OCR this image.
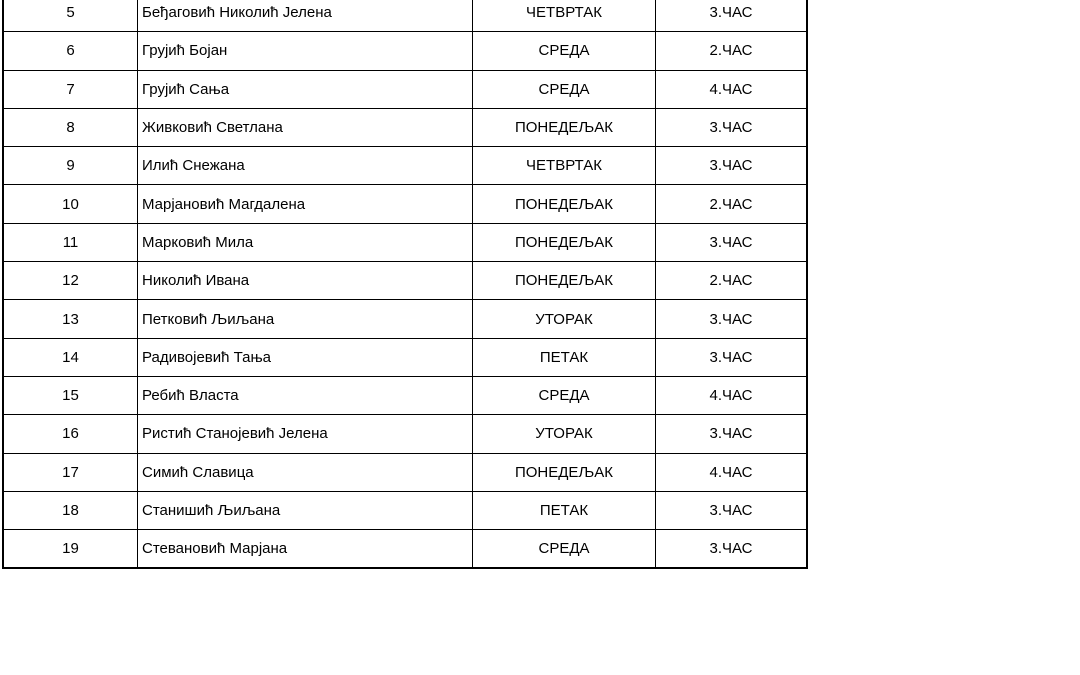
5	Беђаговић Николић Јелена	ЧЕТВРТАК	3.ЧАС
6	Грујић Бојан	СРЕДА	2.ЧАС
7	Грујић Сања	СРЕДА	4.ЧАС
8	Живковић Светлана	ПОНЕДЕЉАК	3.ЧАС
9	Илић Снежана	ЧЕТВРТАК	3.ЧАС
10	Марјановић Магдалена	ПОНЕДЕЉАК	2.ЧАС
11	Марковић Мила	ПОНЕДЕЉАК	3.ЧАС
12	Николић Ивана	ПОНЕДЕЉАК	2.ЧАС
13	Петковић Љиљана	УТОРАК	3.ЧАС
14	Радивојевић Тања	ПЕТАК	3.ЧАС
15	Ребић Власта	СРЕДА	4.ЧАС
16	Ристић Станојевић Јелена	УТОРАК	3.ЧАС
17	Симић Славица	ПОНЕДЕЉАК	4.ЧАС
18	Станишић Љиљана	ПЕТАК	3.ЧАС
19	Стевановић Марјана	СРЕДА	3.ЧАС
